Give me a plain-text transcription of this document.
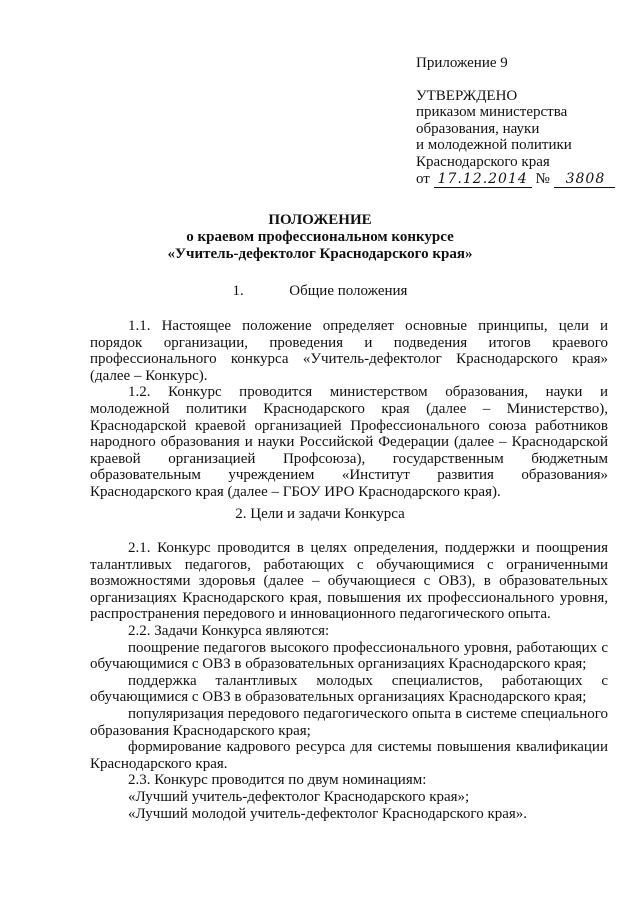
Приложение 9
УТВЕРЖДЕНО
приказом министерства
образования, науки
и молодежной политики
Краснодарского края
от 17.12.2014 № 3808
ПОЛОЖЕНИЕ
о краевом профессиональном конкурсе
«Учитель-дефектолог Краснодарского края»
1.	Общие положения

1.1. Настоящее положение определяет основные принципы, цели и порядок организации, проведения и подведения итогов краевого профессионального конкурса «Учитель-дефектолог Краснодарского края» (далее – Конкурс).

1.2. Конкурс проводится министерством образования, науки и молодежной политики Краснодарского края (далее – Министерство), Краснодарской краевой организацией Профессионального союза работников народного образования и науки Российской Федерации (далее – Краснодарской краевой организацией Профсоюза), государственным бюджетным образовательным учреждением «Институт развития образования» Краснодарского края (далее – ГБОУ ИРО Краснодарского края).

2. Цели и задачи Конкурса

2.1. Конкурс проводится в целях определения, поддержки и поощрения талантливых педагогов, работающих с обучающимися с ограниченными возможностями здоровья (далее – обучающиеся с ОВЗ), в образовательных организациях Краснодарского края, повышения их профессионального уровня, распространения передового и инновационного педагогического опыта.

2.2. Задачи Конкурса являются:

поощрение педагогов высокого профессионального уровня, работающих с обучающимися с ОВЗ в образовательных организациях Краснодарского края;

поддержка талантливых молодых специалистов, работающих с обучающимися с ОВЗ в образовательных организациях Краснодарского края;

популяризация передового педагогического опыта в системе специального образования Краснодарского края;

формирование кадрового ресурса для системы повышения квалификации Краснодарского края.

2.3. Конкурс проводится по двум номинациям:

«Лучший учитель-дефектолог Краснодарского края»;

«Лучший молодой учитель-дефектолог Краснодарского края».
